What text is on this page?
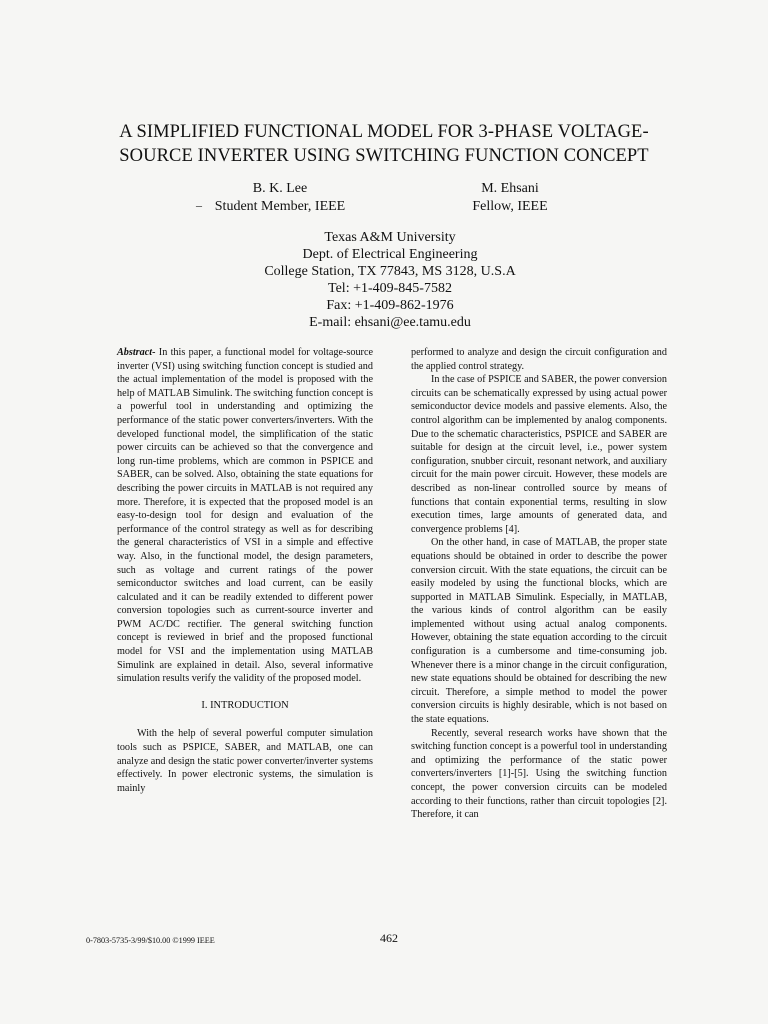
A SIMPLIFIED FUNCTIONAL MODEL FOR 3-PHASE VOLTAGE-
SOURCE INVERTER USING SWITCHING FUNCTION CONCEPT
B. K. Lee
Student Member, IEEE
–
M. Ehsani
Fellow, IEEE
Texas A&M University
Dept. of Electrical Engineering
College Station, TX 77843, MS 3128, U.S.A
Tel: +1-409-845-7582
Fax: +1-409-862-1976
E-mail: ehsani@ee.tamu.edu

Abstract- In this paper, a functional model for voltage-source inverter (VSI) using switching function concept is studied and the actual implementation of the model is proposed with the help of MATLAB Simulink. The switching function concept is a powerful tool in understanding and optimizing the performance of the static power converters/inverters. With the developed functional model, the simplification of the static power circuits can be achieved so that the convergence and long run-time problems, which are common in PSPICE and SABER, can be solved. Also, obtaining the state equations for describing the power circuits in MATLAB is not required any more. Therefore, it is expected that the proposed model is an easy-to-design tool for design and evaluation of the performance of the control strategy as well as for describing the general characteristics of VSI in a simple and effective way. Also, in the functional model, the design parameters, such as voltage and current ratings of the power semiconductor switches and load current, can be easily calculated and it can be readily extended to different power conversion topologies such as current-source inverter and PWM AC/DC rectifier. The general switching function concept is reviewed in brief and the proposed functional model for VSI and the implementation using MATLAB Simulink are explained in detail. Also, several informative simulation results verify the validity of the proposed model.

I. INTRODUCTION

With the help of several powerful computer simulation tools such as PSPICE, SABER, and MATLAB, one can analyze and design the static power converter/inverter systems effectively. In power electronic systems, the simulation is mainly

performed to analyze and design the circuit configuration and the applied control strategy.

In the case of PSPICE and SABER, the power conversion circuits can be schematically expressed by using actual power semiconductor device models and passive elements. Also, the control algorithm can be implemented by analog components. Due to the schematic characteristics, PSPICE and SABER are suitable for design at the circuit level, i.e., power system configuration, snubber circuit, resonant network, and auxiliary circuit for the main power circuit. However, these models are described as non-linear controlled source by means of functions that contain exponential terms, resulting in slow execution times, large amounts of generated data, and convergence problems [4].

On the other hand, in case of MATLAB, the proper state equations should be obtained in order to describe the power conversion circuit. With the state equations, the circuit can be easily modeled by using the functional blocks, which are supported in MATLAB Simulink. Especially, in MATLAB, the various kinds of control algorithm can be easily implemented without using actual analog components. However, obtaining the state equation according to the circuit configuration is a cumbersome and time-consuming job. Whenever there is a minor change in the circuit configuration, new state equations should be obtained for describing the new circuit. Therefore, a simple method to model the power conversion circuits is highly desirable, which is not based on the state equations.

Recently, several research works have shown that the switching function concept is a powerful tool in understanding and optimizing the performance of the static power converters/inverters [1]-[5]. Using the switching function concept, the power conversion circuits can be modeled according to their functions, rather than circuit topologies [2]. Therefore, it can

0-7803-5735-3/99/$10.00 ©1999 IEEE	462
